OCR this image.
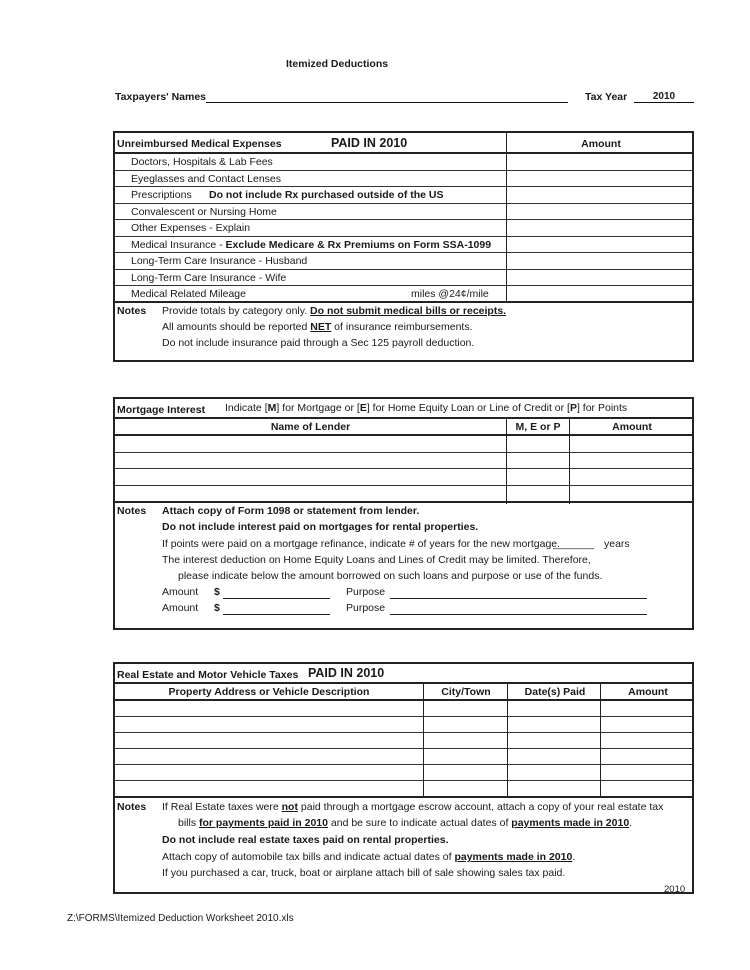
Itemized Deductions
Taxpayers' Names	Tax Year	2010
Unreimbursed Medical Expenses	PAID IN 2010	Amount
Doctors, Hospitals & Lab Fees
Eyeglasses and Contact Lenses
Prescriptions Do not include Rx purchased outside of the US
Convalescent or Nursing Home
Other Expenses - Explain
Medical Insurance - Exclude Medicare & Rx Premiums on Form SSA-1099
Long-Term Care Insurance - Husband
Long-Term Care Insurance - Wife
Medical Related Mileage	miles @24¢/mile
Notes Provide totals by category only. Do not submit medical bills or receipts.
All amounts should be reported NET of insurance reimbursements.
Do not include insurance paid through a Sec 125 payroll deduction.
Mortgage Interest Indicate [M] for Mortgage or [E] for Home Equity Loan or Line of Credit or [P] for Points
Name of Lender	M, E or P	Amount
Notes Attach copy of Form 1098 or statement from lender.
Do not include interest paid on mortgages for rental properties.
If points were paid on a mortgage refinance, indicate # of years for the new mortgage.
_______ years
The interest deduction on Home Equity Loans and Lines of Credit may be limited. Therefore,
please indicate below the amount borrowed on such loans and purpose or use of the funds.
Amount $	Purpose
Amount $	Purpose
Real Estate and Motor Vehicle Taxes PAID IN 2010
Property Address or Vehicle Description	City/Town	Date(s) Paid	Amount
Notes If Real Estate taxes were not paid through a mortgage escrow account, attach a copy of your real estate tax
bills for payments paid in 2010 and be sure to indicate actual dates of payments made in 2010.
Do not include real estate taxes paid on rental properties.
Attach copy of automobile tax bills and indicate actual dates of payments made in 2010.
If you purchased a car, truck, boat or airplane attach bill of sale showing sales tax paid.
2010
Z:\FORMS\Itemized Deduction Worksheet 2010.xls
